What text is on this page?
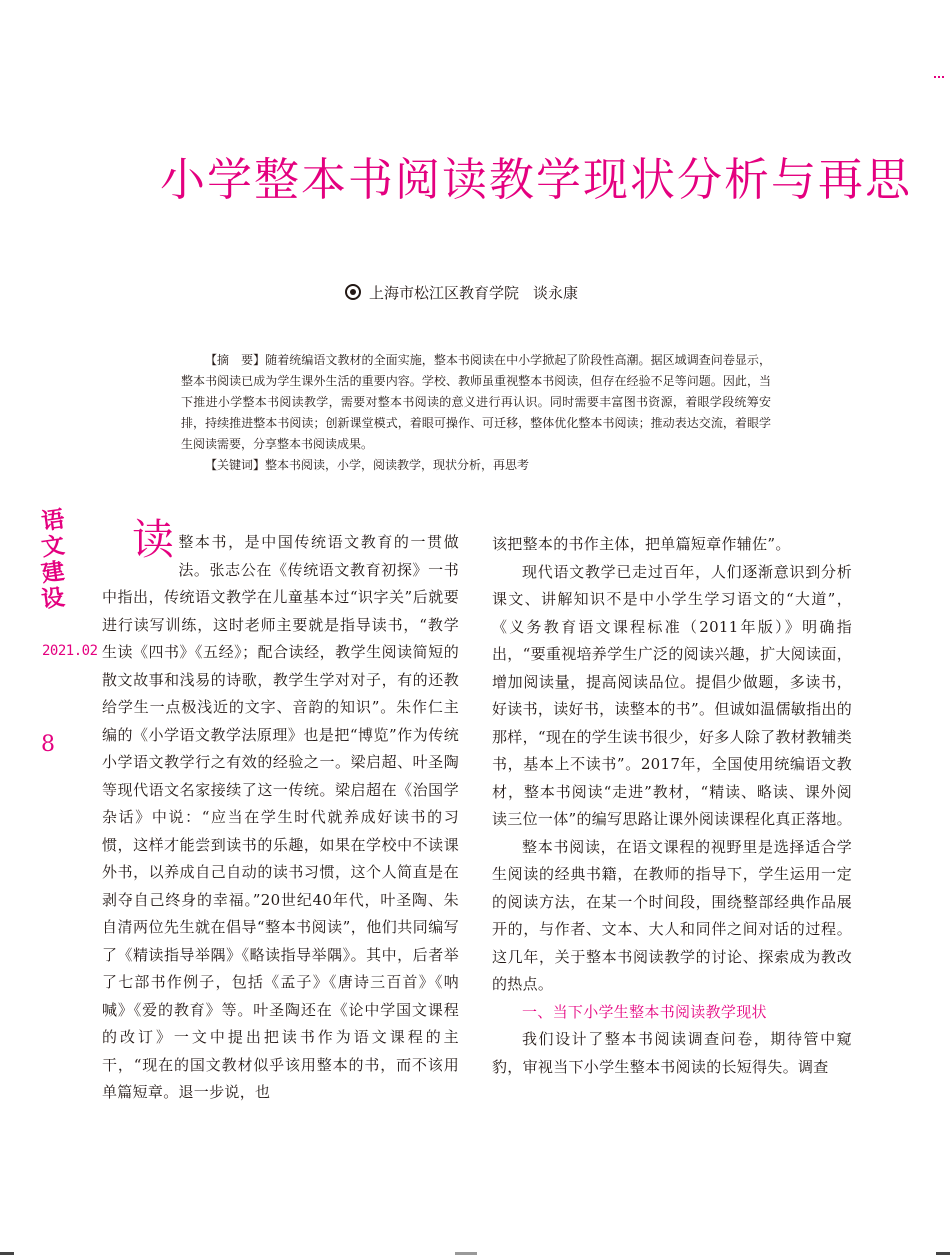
小学整本书阅读教学现状分析与再思
上海市松江区教育学院 谈永康

【摘　要】随着统编语文教材的全面实施，整本书阅读在中小学掀起了阶段性高潮。据区域调查问卷显示，整本书阅读已成为学生课外生活的重要内容。学校、教师虽重视整本书阅读，但存在经验不足等问题。因此，当下推进小学整本书阅读教学，需要对整本书阅读的意义进行再认识。同时需要丰富图书资源，着眼学段统筹安排，持续推进整本书阅读；创新课堂模式，着眼可操作、可迁移，整体优化整本书阅读；推动表达交流，着眼学生阅读需要，分享整本书阅读成果。

【关键词】整本书阅读，小学，阅读教学，现状分析，再思考

语
文
建
设
2021.02
8

读整本书，是中国传统语文教育的一贯做法。张志公在《传统语文教育初探》一书中指出，传统语文教学在儿童基本过“识字关”后就要进行读写训练，这时老师主要就是指导读书，“教学生读《四书》《五经》；配合读经，教学生阅读简短的散文故事和浅易的诗歌，教学生学对对子，有的还教给学生一点极浅近的文字、音韵的知识”。朱作仁主编的《小学语文教学法原理》也是把“博览”作为传统小学语文教学行之有效的经验之一。梁启超、叶圣陶等现代语文名家接续了这一传统。梁启超在《治国学杂话》中说：“应当在学生时代就养成好读书的习惯，这样才能尝到读书的乐趣，如果在学校中不读课外书，以养成自己自动的读书习惯，这个人简直是在剥夺自己终身的幸福。”20世纪40年代，叶圣陶、朱自清两位先生就在倡导“整本书阅读”，他们共同编写了《精读指导举隅》《略读指导举隅》。其中，后者举了七部书作例子，包括《孟子》《唐诗三百首》《呐喊》《爱的教育》等。叶圣陶还在《论中学国文课程的改订》一文中提出把读书作为语文课程的主干，“现在的国文教材似乎该用整本的书，而不该用单篇短章。退一步说，也

该把整本的书作主体，把单篇短章作辅佐”。

现代语文教学已走过百年，人们逐渐意识到分析课文、讲解知识不是中小学生学习语文的“大道”，《义务教育语文课程标准（2011年版）》明确指出，“要重视培养学生广泛的阅读兴趣，扩大阅读面，增加阅读量，提高阅读品位。提倡少做题，多读书，好读书，读好书，读整本的书”。但诚如温儒敏指出的那样，“现在的学生读书很少，好多人除了教材教辅类书，基本上不读书”。2017年，全国使用统编语文教材，整本书阅读“走进”教材，“精读、略读、课外阅读三位一体”的编写思路让课外阅读课程化真正落地。

整本书阅读，在语文课程的视野里是选择适合学生阅读的经典书籍，在教师的指导下，学生运用一定的阅读方法，在某一个时间段，围绕整部经典作品展开的，与作者、文本、大人和同伴之间对话的过程。这几年，关于整本书阅读教学的讨论、探索成为教改的热点。

一、当下小学生整本书阅读教学现状

我们设计了整本书阅读调查问卷，期待管中窥豹，审视当下小学生整本书阅读的长短得失。调查
